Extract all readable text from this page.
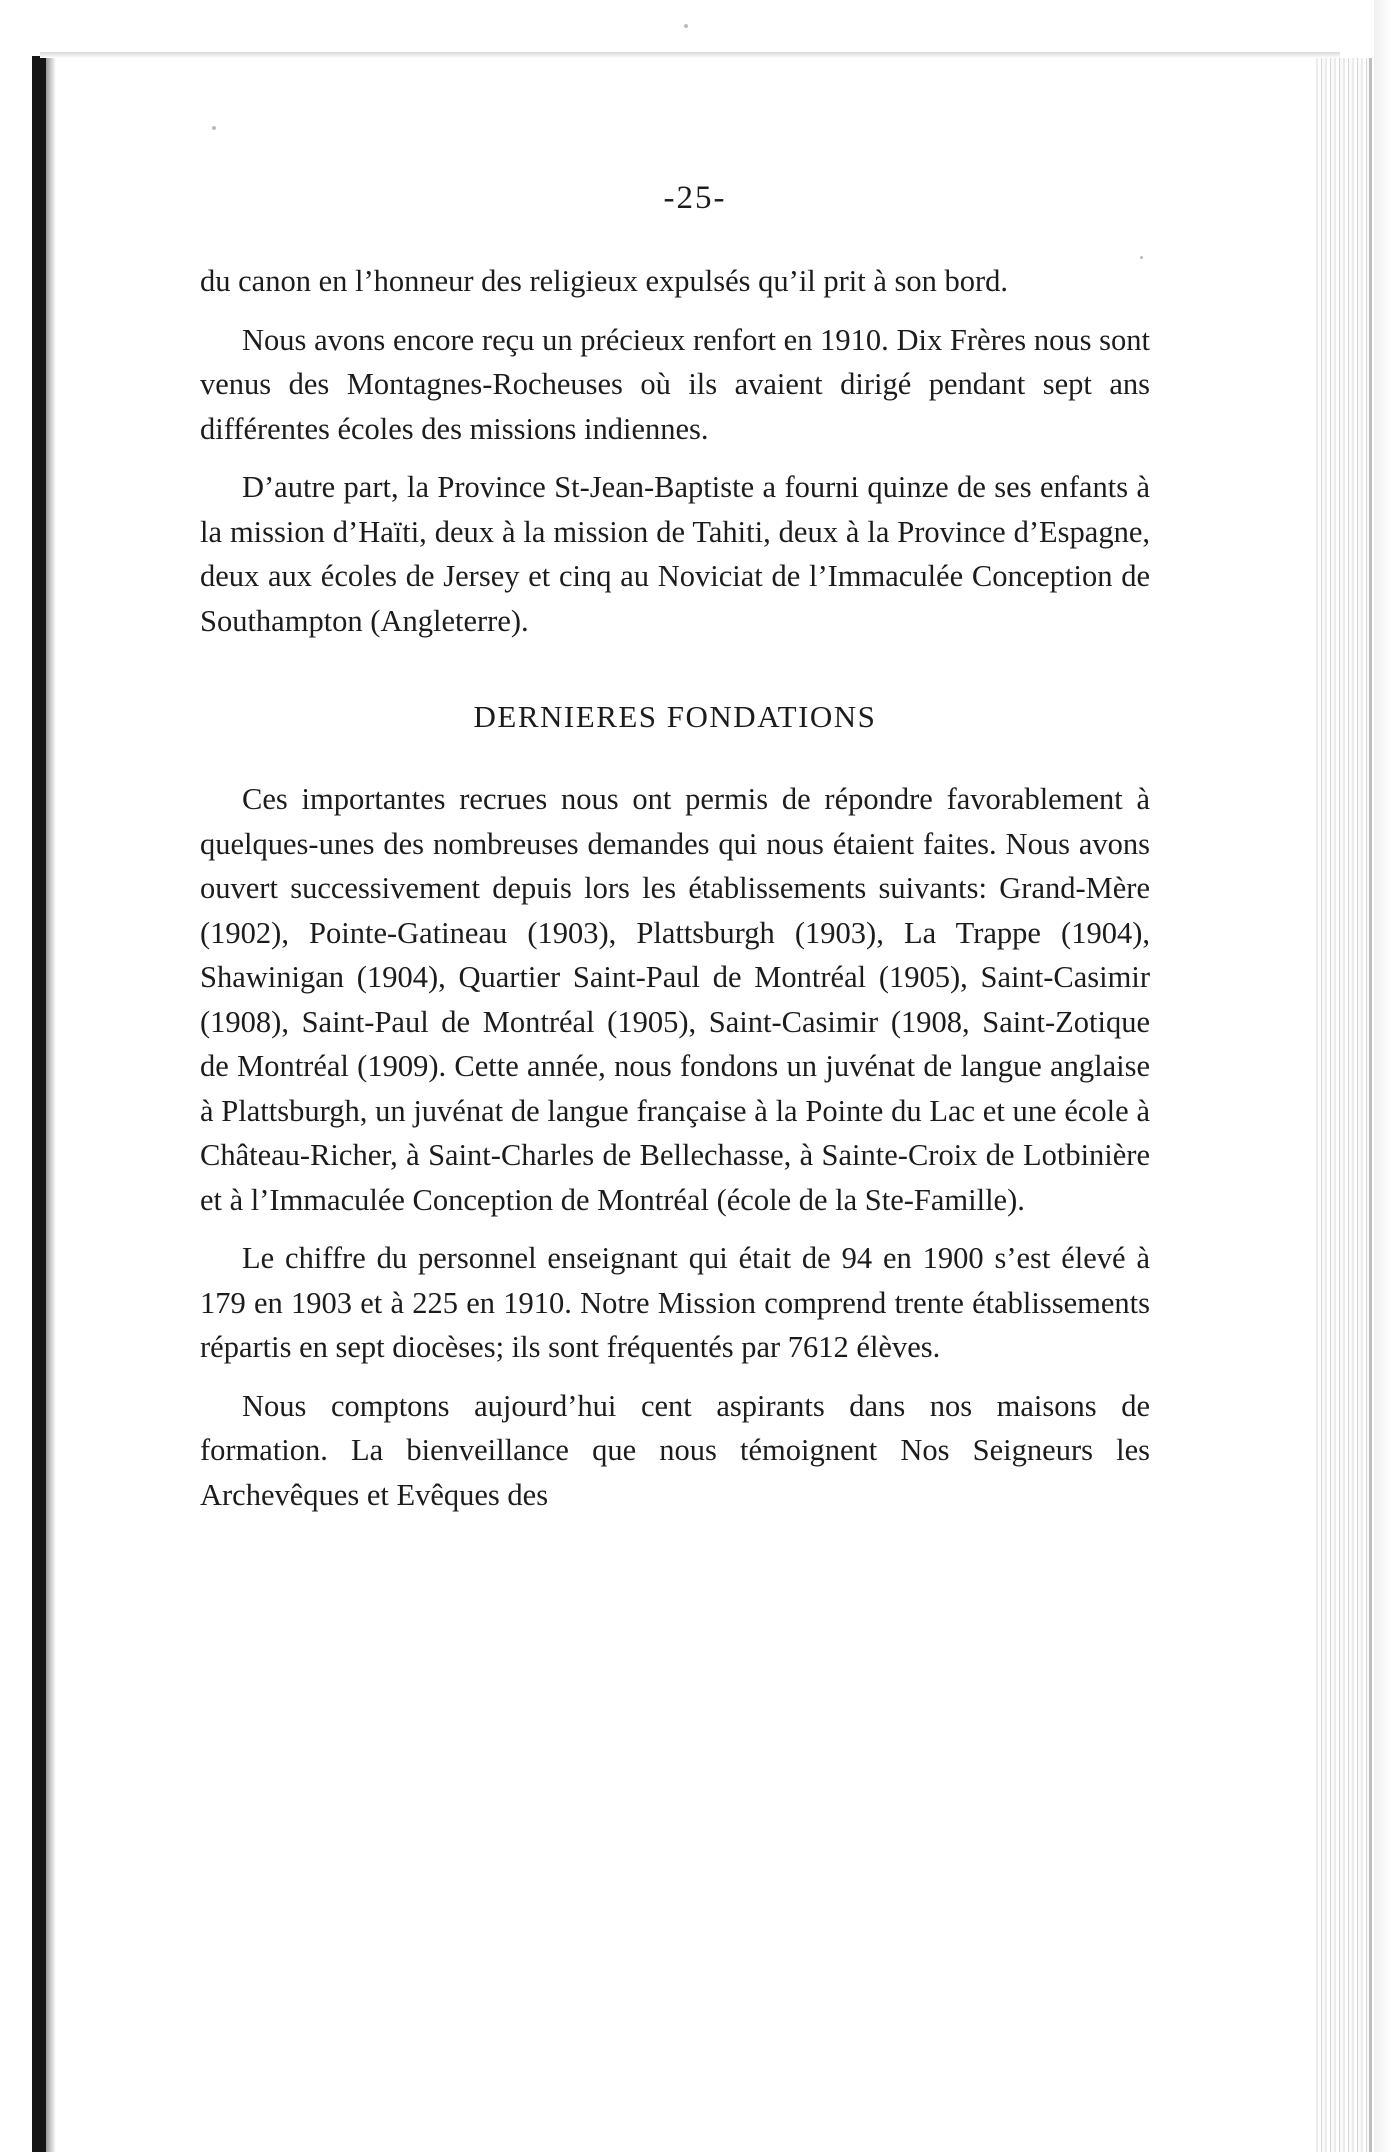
-25-

du canon en l’honneur des religieux expulsés qu’il prit à son bord.

Nous avons encore reçu un précieux renfort en 1910. Dix Frères nous sont venus des Montagnes-Rocheuses où ils avaient dirigé pendant sept ans différentes écoles des missions indiennes.

D’autre part, la Province St-Jean-Baptiste a fourni quinze de ses enfants à la mission d’Haïti, deux à la mission de Tahiti, deux à la Province d’Espagne, deux aux écoles de Jersey et cinq au Noviciat de l’Immaculée Conception de Southampton (Angleterre).

DERNIERES FONDATIONS

Ces importantes recrues nous ont permis de répondre favorablement à quelques-unes des nombreuses demandes qui nous étaient faites. Nous avons ouvert successivement depuis lors les établissements suivants: Grand-Mère (1902), Pointe-Gatineau (1903), Plattsburgh (1903), La Trappe (1904), Shawinigan (1904), Quartier Saint-Paul de Montréal (1905), Saint-Casimir (1908), Saint-Paul de Montréal (1905), Saint-Casimir (1908, Saint-Zotique de Montréal (1909). Cette année, nous fondons un juvénat de langue anglaise à Plattsburgh, un juvénat de langue française à la Pointe du Lac et une école à Château-Richer, à Saint-Charles de Bellechasse, à Sainte-Croix de Lotbinière et à l’Immaculée Conception de Montréal (école de la Ste-Famille).

Le chiffre du personnel enseignant qui était de 94 en 1900 s’est élevé à 179 en 1903 et à 225 en 1910. Notre Mission comprend trente établissements répartis en sept diocèses; ils sont fréquentés par 7612 élèves.

Nous comptons aujourd’hui cent aspirants dans nos maisons de formation. La bienveillance que nous témoignent Nos Seigneurs les Archevêques et Evêques des
